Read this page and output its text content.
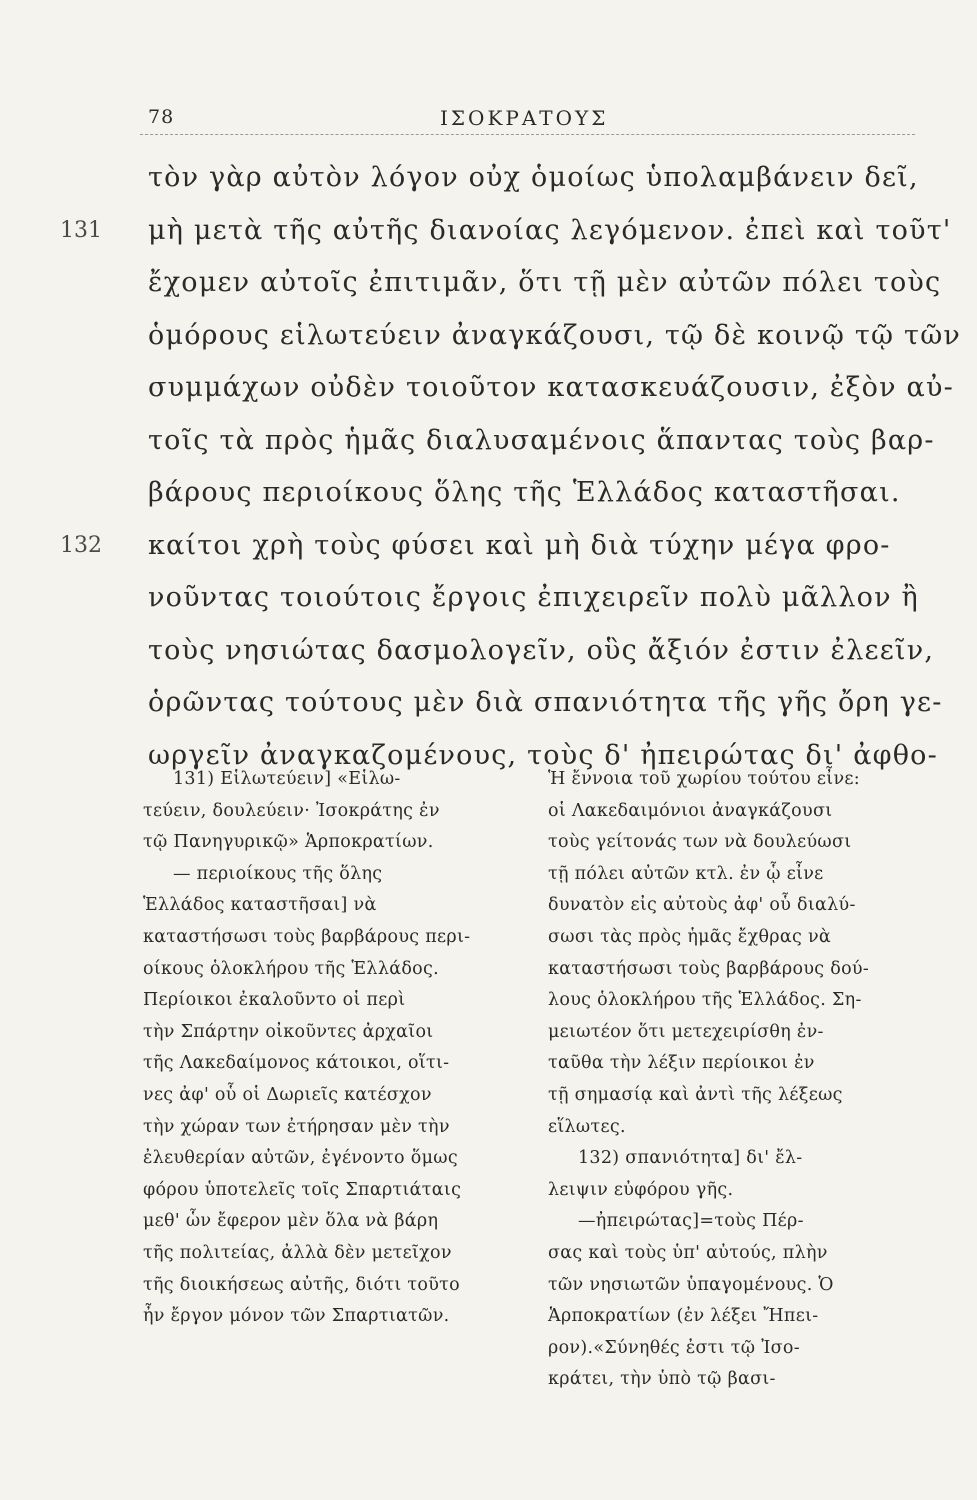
78	ΙΣΟΚΡΑΤΟΥΣ
τὸν γὰρ αὐτὸν λόγον οὐχ ὁμοίως ὑπολαμβάνειν δεῖ,
131	μὴ μετὰ τῆς αὐτῆς διανοίας λεγόμενον. ἐπεὶ καὶ τοῦτ'
ἔχομεν αὐτοῖς ἐπιτιμᾶν, ὅτι τῇ μὲν αὐτῶν πόλει τοὺς
ὁμόρους εἱλωτεύειν ἀναγκάζουσι, τῷ δὲ κοινῷ τῷ τῶν
συμμάχων οὐδὲν τοιοῦτον κατασκευάζουσιν, ἐξὸν αὐ-
τοῖς τὰ πρὸς ἡμᾶς διαλυσαμένοις ἅπαντας τοὺς βαρ-
βάρους περιοίκους ὅλης τῆς Ἑλλάδος καταστῆσαι.
132	καίτοι χρὴ τοὺς φύσει καὶ μὴ διὰ τύχην μέγα φρο-
νοῦντας τοιούτοις ἔργοις ἐπιχειρεῖν πολὺ μᾶλλον ἢ
τοὺς νησιώτας δασμολογεῖν, οὓς ἄξιόν ἐστιν ἐλεεῖν,
ὁρῶντας τούτους μὲν διὰ σπανιότητα τῆς γῆς ὄρη γε-
ωργεῖν ἀναγκαζομένους, τοὺς δ' ἠπειρώτας δι' ἀφθο-
131) Εἱλωτεύειν] «Εἱλω-
τεύειν, δουλεύειν· Ἰσοκράτης ἐν
τῷ Πανηγυρικῷ» Ἁρποκρατίων.
— περιοίκους τῆς ὅλης
Ἑλλάδος καταστῆσαι] νὰ
καταστήσωσι τοὺς βαρβάρους περι-
οίκους ὁλοκλήρου τῆς Ἑλλάδος.
Περίοικοι ἐκαλοῦντο οἱ περὶ
τὴν Σπάρτην οἰκοῦντες ἀρχαῖοι
τῆς Λακεδαίμονος κάτοικοι, οἵτι-
νες ἀφ' οὗ οἱ Δωριεῖς κατέσχον
τὴν χώραν των ἐτήρησαν μὲν τὴν
ἐλευθερίαν αὐτῶν, ἐγένοντο ὅμως
φόρου ὑποτελεῖς τοῖς Σπαρτιάταις
μεθ' ὧν ἔφερον μὲν ὅλα νὰ βάρη
τῆς πολιτείας, ἀλλὰ δὲν μετεῖχον
τῆς διοικήσεως αὐτῆς, διότι τοῦτο
ἦν ἔργον μόνον τῶν Σπαρτιατῶν.
Ἡ ἔννοια τοῦ χωρίου τούτου εἶνε:
οἱ Λακεδαιμόνιοι ἀναγκάζουσι
τοὺς γείτονάς των νὰ δουλεύωσι
τῇ πόλει αὐτῶν κτλ. ἐν ᾧ εἶνε
δυνατὸν εἰς αὐτοὺς ἀφ' οὗ διαλύ-
σωσι τὰς πρὸς ἡμᾶς ἔχθρας νὰ
καταστήσωσι τοὺς βαρβάρους δού-
λους ὁλοκλήρου τῆς Ἑλλάδος. Ση-
μειωτέον ὅτι μετεχειρίσθη ἐν-
ταῦθα τὴν λέξιν περίοικοι ἐν
τῇ σημασίᾳ καὶ ἀντὶ τῆς λέξεως
εἵλωτες.
132) σπανιότητα] δι' ἔλ-
λειψιν εὐφόρου γῆς.
—ἠπειρώτας]=τοὺς Πέρ-
σας καὶ τοὺς ὑπ' αὐτούς, πλὴν
τῶν νησιωτῶν ὑπαγομένους. Ὁ
Ἁρποκρατίων (ἐν λέξει Ἤπει-
ρον).«Σύνηθές ἐστι τῷ Ἰσο-
κράτει, τὴν ὑπὸ τῷ βασι-
